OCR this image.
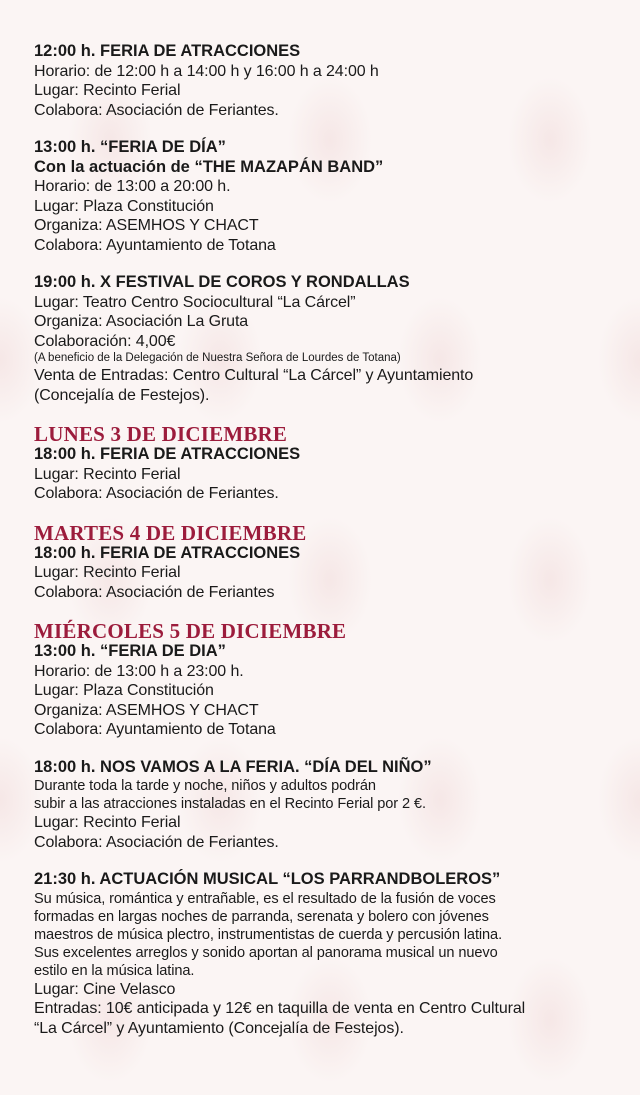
12:00 h. FERIA DE ATRACCIONES

Horario: de 12:00 h a 14:00 h y 16:00 h a 24:00 h

Lugar: Recinto Ferial

Colabora: Asociación de Feriantes.

13:00 h. “FERIA DE DÍA”

Con la actuación de “THE MAZAPÁN BAND”

Horario: de 13:00 a 20:00 h.

Lugar: Plaza Constitución

Organiza: ASEMHOS Y CHACT

Colabora: Ayuntamiento de Totana

19:00 h. X FESTIVAL DE COROS Y RONDALLAS

Lugar: Teatro Centro Sociocultural “La Cárcel”

Organiza: Asociación La Gruta

Colaboración: 4,00€

(A beneficio de la Delegación de Nuestra Señora de Lourdes de Totana)

Venta de Entradas: Centro Cultural “La Cárcel” y Ayuntamiento

(Concejalía de Festejos).

LUNES 3 DE DICIEMBRE

18:00 h. FERIA DE ATRACCIONES

Lugar: Recinto Ferial

Colabora: Asociación de Feriantes.

MARTES 4 DE DICIEMBRE

18:00 h. FERIA DE ATRACCIONES

Lugar: Recinto Ferial

Colabora: Asociación de Feriantes

MIÉRCOLES 5 DE DICIEMBRE

13:00 h. “FERIA DE DIA”

Horario: de 13:00 h a 23:00 h.

Lugar: Plaza Constitución

Organiza: ASEMHOS Y CHACT

Colabora: Ayuntamiento de Totana

18:00 h. NOS VAMOS A LA FERIA. “DÍA DEL NIÑO”

Durante toda la tarde y noche, niños y adultos podrán

subir a las atracciones instaladas en el Recinto Ferial por 2 €.

Lugar: Recinto Ferial

Colabora: Asociación de Feriantes.

21:30 h. ACTUACIÓN MUSICAL “LOS PARRANDBOLEROS”

Su música, romántica y entrañable, es el resultado de la fusión de voces

formadas en largas noches de parranda, serenata y bolero con jóvenes

maestros de música plectro, instrumentistas de cuerda y percusión latina.

Sus excelentes arreglos y sonido aportan al panorama musical un nuevo

estilo en la música latina.

Lugar: Cine Velasco

Entradas: 10€ anticipada y 12€ en taquilla de venta en Centro Cultural

“La Cárcel” y Ayuntamiento (Concejalía de Festejos).
